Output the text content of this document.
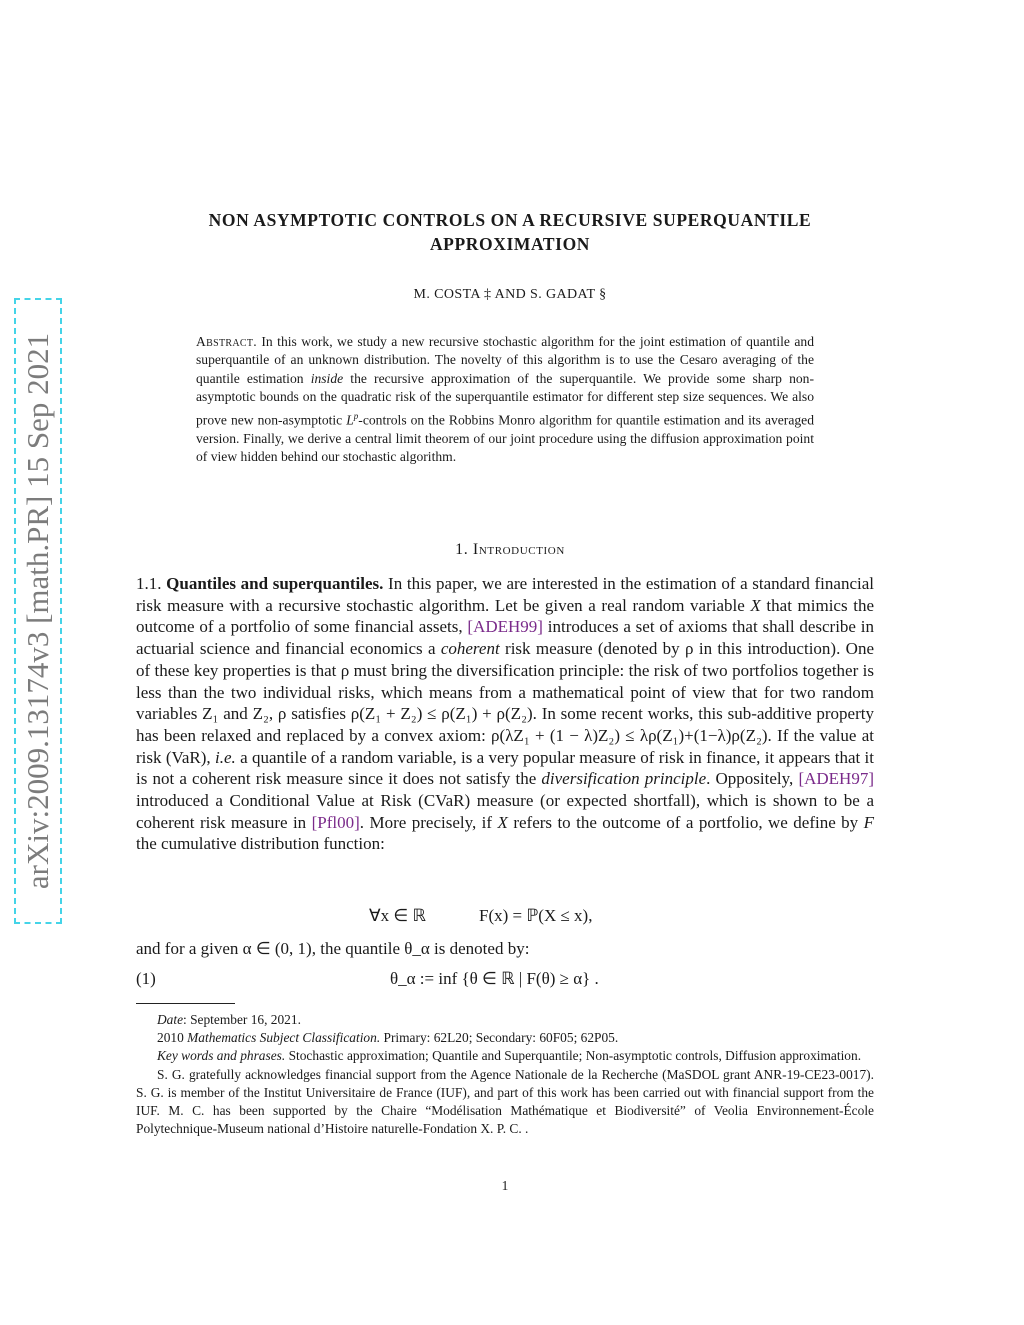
arXiv:2009.13174v3 [math.PR] 15 Sep 2021
NON ASYMPTOTIC CONTROLS ON A RECURSIVE SUPERQUANTILE
APPROXIMATION
M. COSTA ‡ AND S. GADAT §
Abstract. In this work, we study a new recursive stochastic algorithm for the joint estimation of quantile and superquantile of an unknown distribution. The novelty of this algorithm is to use the Cesaro averaging of the quantile estimation inside the recursive approximation of the superquantile. We provide some sharp non-asymptotic bounds on the quadratic risk of the superquantile estimator for different step size sequences. We also prove new non-asymptotic $L^p$-controls on the Robbins Monro algorithm for quantile estimation and its averaged version. Finally, we derive a central limit theorem of our joint procedure using the diffusion approximation point of view hidden behind our stochastic algorithm.
1. Introduction
1.1. Quantiles and superquantiles. In this paper, we are interested in the estimation of a standard financial risk measure with a recursive stochastic algorithm. Let be given a real random variable X that mimics the outcome of a portfolio of some financial assets, [ADEH99] introduces a set of axioms that shall describe in actuarial science and financial economics a coherent risk measure (denoted by ρ in this introduction). One of these key properties is that ρ must bring the diversification principle: the risk of two portfolios together is less than the two individual risks, which means from a mathematical point of view that for two random variables Z₁ and Z₂, ρ satisfies ρ(Z₁ + Z₂) ≤ ρ(Z₁) + ρ(Z₂). In some recent works, this sub-additive property has been relaxed and replaced by a convex axiom: ρ(λZ₁ + (1 − λ)Z₂) ≤ λρ(Z₁)+(1−λ)ρ(Z₂). If the value at risk (VaR), i.e. a quantile of a random variable, is a very popular measure of risk in finance, it appears that it is not a coherent risk measure since it does not satisfy the diversification principle. Oppositely, [ADEH97] introduced a Conditional Value at Risk (CVaR) measure (or expected shortfall), which is shown to be a coherent risk measure in [Pfl00]. More precisely, if X refers to the outcome of a portfolio, we define by F the cumulative distribution function:
∀x ∈ ℝ	F(x) = ℙ(X ≤ x),
and for a given α ∈ (0, 1), the quantile θ_α is denoted by:
(1)	θ_α := inf {θ ∈ ℝ | F(θ) ≥ α} .

Date: September 16, 2021.

2010 Mathematics Subject Classification. Primary: 62L20; Secondary: 60F05; 62P05.

Key words and phrases. Stochastic approximation; Quantile and Superquantile; Non-asymptotic controls, Diffusion approximation.

S. G. gratefully acknowledges financial support from the Agence Nationale de la Recherche (MaSDOL grant ANR-19-CE23-0017). S. G. is member of the Institut Universitaire de France (IUF), and part of this work has been carried out with financial support from the IUF. M. C. has been supported by the Chaire “Modélisation Mathématique et Biodiversité” of Veolia Environnement-École Polytechnique-Museum national d’Histoire naturelle-Fondation X. P. C. .

1
